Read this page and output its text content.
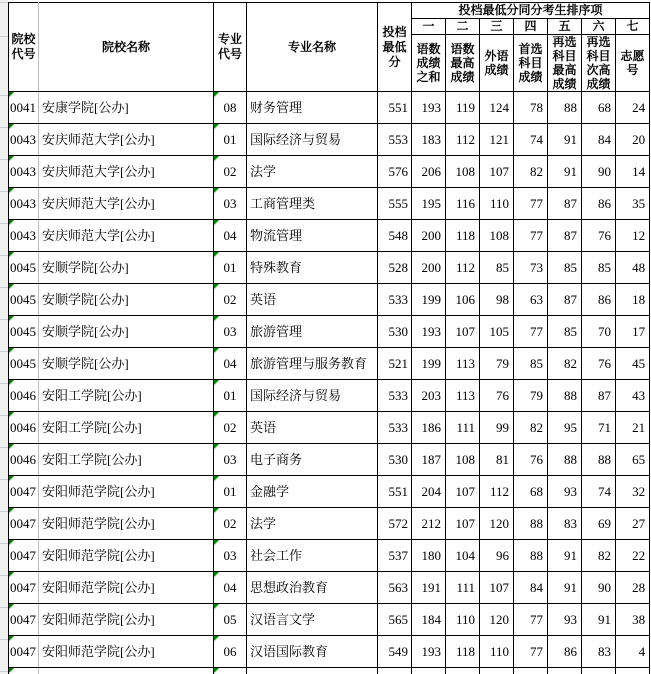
院校代号	院校名称	专业代号	专业名称	投档最低分	投档最低分同分考生排序项						
					一	二	三	四	五	六	七
					语数成绩之和	语数最高成绩	外语成绩	首选科目成绩	再选科目最高成绩	再选科目次高成绩	志愿号
0041	安康学院[公办]	08	财务管理	551	193	119	124	78	88	68	24
0043	安庆师范大学[公办]	01	国际经济与贸易	553	183	112	121	74	91	84	20
0043	安庆师范大学[公办]	02	法学	576	206	108	107	82	91	90	14
0043	安庆师范大学[公办]	03	工商管理类	555	195	116	110	77	87	86	35
0043	安庆师范大学[公办]	04	物流管理	548	200	118	108	77	87	76	12
0045	安顺学院[公办]	01	特殊教育	528	200	112	85	73	85	85	48
0045	安顺学院[公办]	02	英语	533	199	106	98	63	87	86	18
0045	安顺学院[公办]	03	旅游管理	530	193	107	105	77	85	70	17
0045	安顺学院[公办]	04	旅游管理与服务教育	521	199	113	79	85	82	76	45
0046	安阳工学院[公办]	01	国际经济与贸易	533	203	113	76	79	88	87	43
0046	安阳工学院[公办]	02	英语	533	186	111	99	82	95	71	21
0046	安阳工学院[公办]	03	电子商务	530	187	108	81	76	88	88	65
0047	安阳师范学院[公办]	01	金融学	551	204	107	112	68	93	74	32
0047	安阳师范学院[公办]	02	法学	572	212	107	120	88	83	69	27
0047	安阳师范学院[公办]	03	社会工作	537	180	104	96	88	91	82	22
0047	安阳师范学院[公办]	04	思想政治教育	563	191	111	107	84	91	90	28
0047	安阳师范学院[公办]	05	汉语言文学	565	184	110	120	77	93	91	38
0047	安阳师范学院[公办]	06	汉语国际教育	549	193	118	110	77	86	83	4
